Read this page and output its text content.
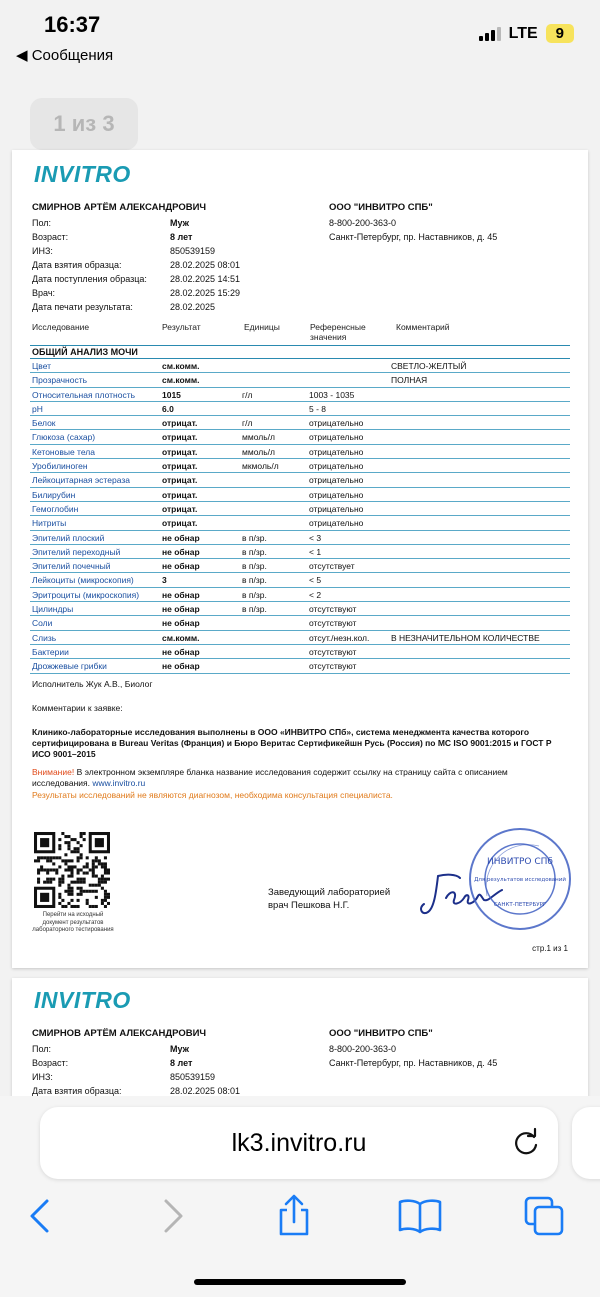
16:37
◀ Сообщения
LTE	9
1 из 3
INVITRO
СМИРНОВ АРТЁМ АЛЕКСАНДРОВИЧ	ООО "ИНВИТРО СПБ"
Пол:	Муж
Возраст:	8 лет
ИНЗ:	850539159
Дата взятия образца:	28.02.2025 08:01
Дата поступления образца:	28.02.2025 14:51
Врач:	28.02.2025 15:29
Дата печати результата:	28.02.2025
8-800-200-363-0
Санкт-Петербург, пр. Наставников, д. 45
Исследование	Результат	Единицы	Референсные значения
Комментарий
ОБЩИЙ АНАЛИЗ МОЧИ
Цвет	см.комм.	СВЕТЛО-ЖЕЛТЫЙ
Прозрачность	см.комм.	ПОЛНАЯ
Относительная плотность	1015	г/л	1003 - 1035
pH	6.0	5 - 8
Белок	отрицат.	г/л	отрицательно
Глюкоза (сахар)	отрицат.	ммоль/л	отрицательно
Кетоновые тела	отрицат.	ммоль/л	отрицательно
Уробилиноген	отрицат.	мкмоль/л	отрицательно
Лейкоцитарная эстераза	отрицат.	отрицательно
Билирубин	отрицат.	отрицательно
Гемоглобин	отрицат.	отрицательно
Нитриты	отрицат.	отрицательно
Эпителий плоский	не обнар	в п/зр.	< 3
Эпителий переходный	не обнар	в п/зр.	< 1
Эпителий почечный	не обнар	в п/зр.	отсутствует
Лейкоциты (микроскопия)	3	в п/зр.	< 5
Эритроциты (микроскопия)	не обнар	в п/зр.	< 2
Цилиндры	не обнар	в п/зр.	отсутствуют
Соли	не обнар	отсутствуют
Слизь	см.комм.	отсут./незн.кол.	В НЕЗНАЧИТЕЛЬНОМ КОЛИЧЕСТВЕ
Бактерии	не обнар	отсутствуют
Дрожжевые грибки	не обнар	отсутствуют
Исполнитель Жук А.В., Биолог
Комментарии к заявке:
Клинико-лабораторные исследования выполнены в ООО «ИНВИТРО СПб», система менеджмента качества которого сертифицирована в Bureau Veritas (Франция) и Бюро Веритас Сертификейшн Русь (Россия) по МС ISO 9001:2015 и ГОСТ Р ИСО 9001–2015
Внимание! В электронном экземпляре бланка название исследования содержит ссылку на страницу сайта с описанием исследования. www.invitro.ru
Результаты исследований не являются диагнозом, необходима консультация специалиста.
Перейти на исходный документ результатов лабораторного тестирования
Заведующий лабораторией
врач Пешкова Н.Г.
ИНВИТРО СПб
Для результатов исследований
САНКТ-ПЕТЕРБУРГ
стр.1 из 1
INVITRO
СМИРНОВ АРТЁМ АЛЕКСАНДРОВИЧ	ООО "ИНВИТРО СПБ"
Пол:	Муж
Возраст:	8 лет
ИНЗ:	850539159
Дата взятия образца:	28.02.2025 08:01
8-800-200-363-0
Санкт-Петербург, пр. Наставников, д. 45
lk3.invitro.ru
